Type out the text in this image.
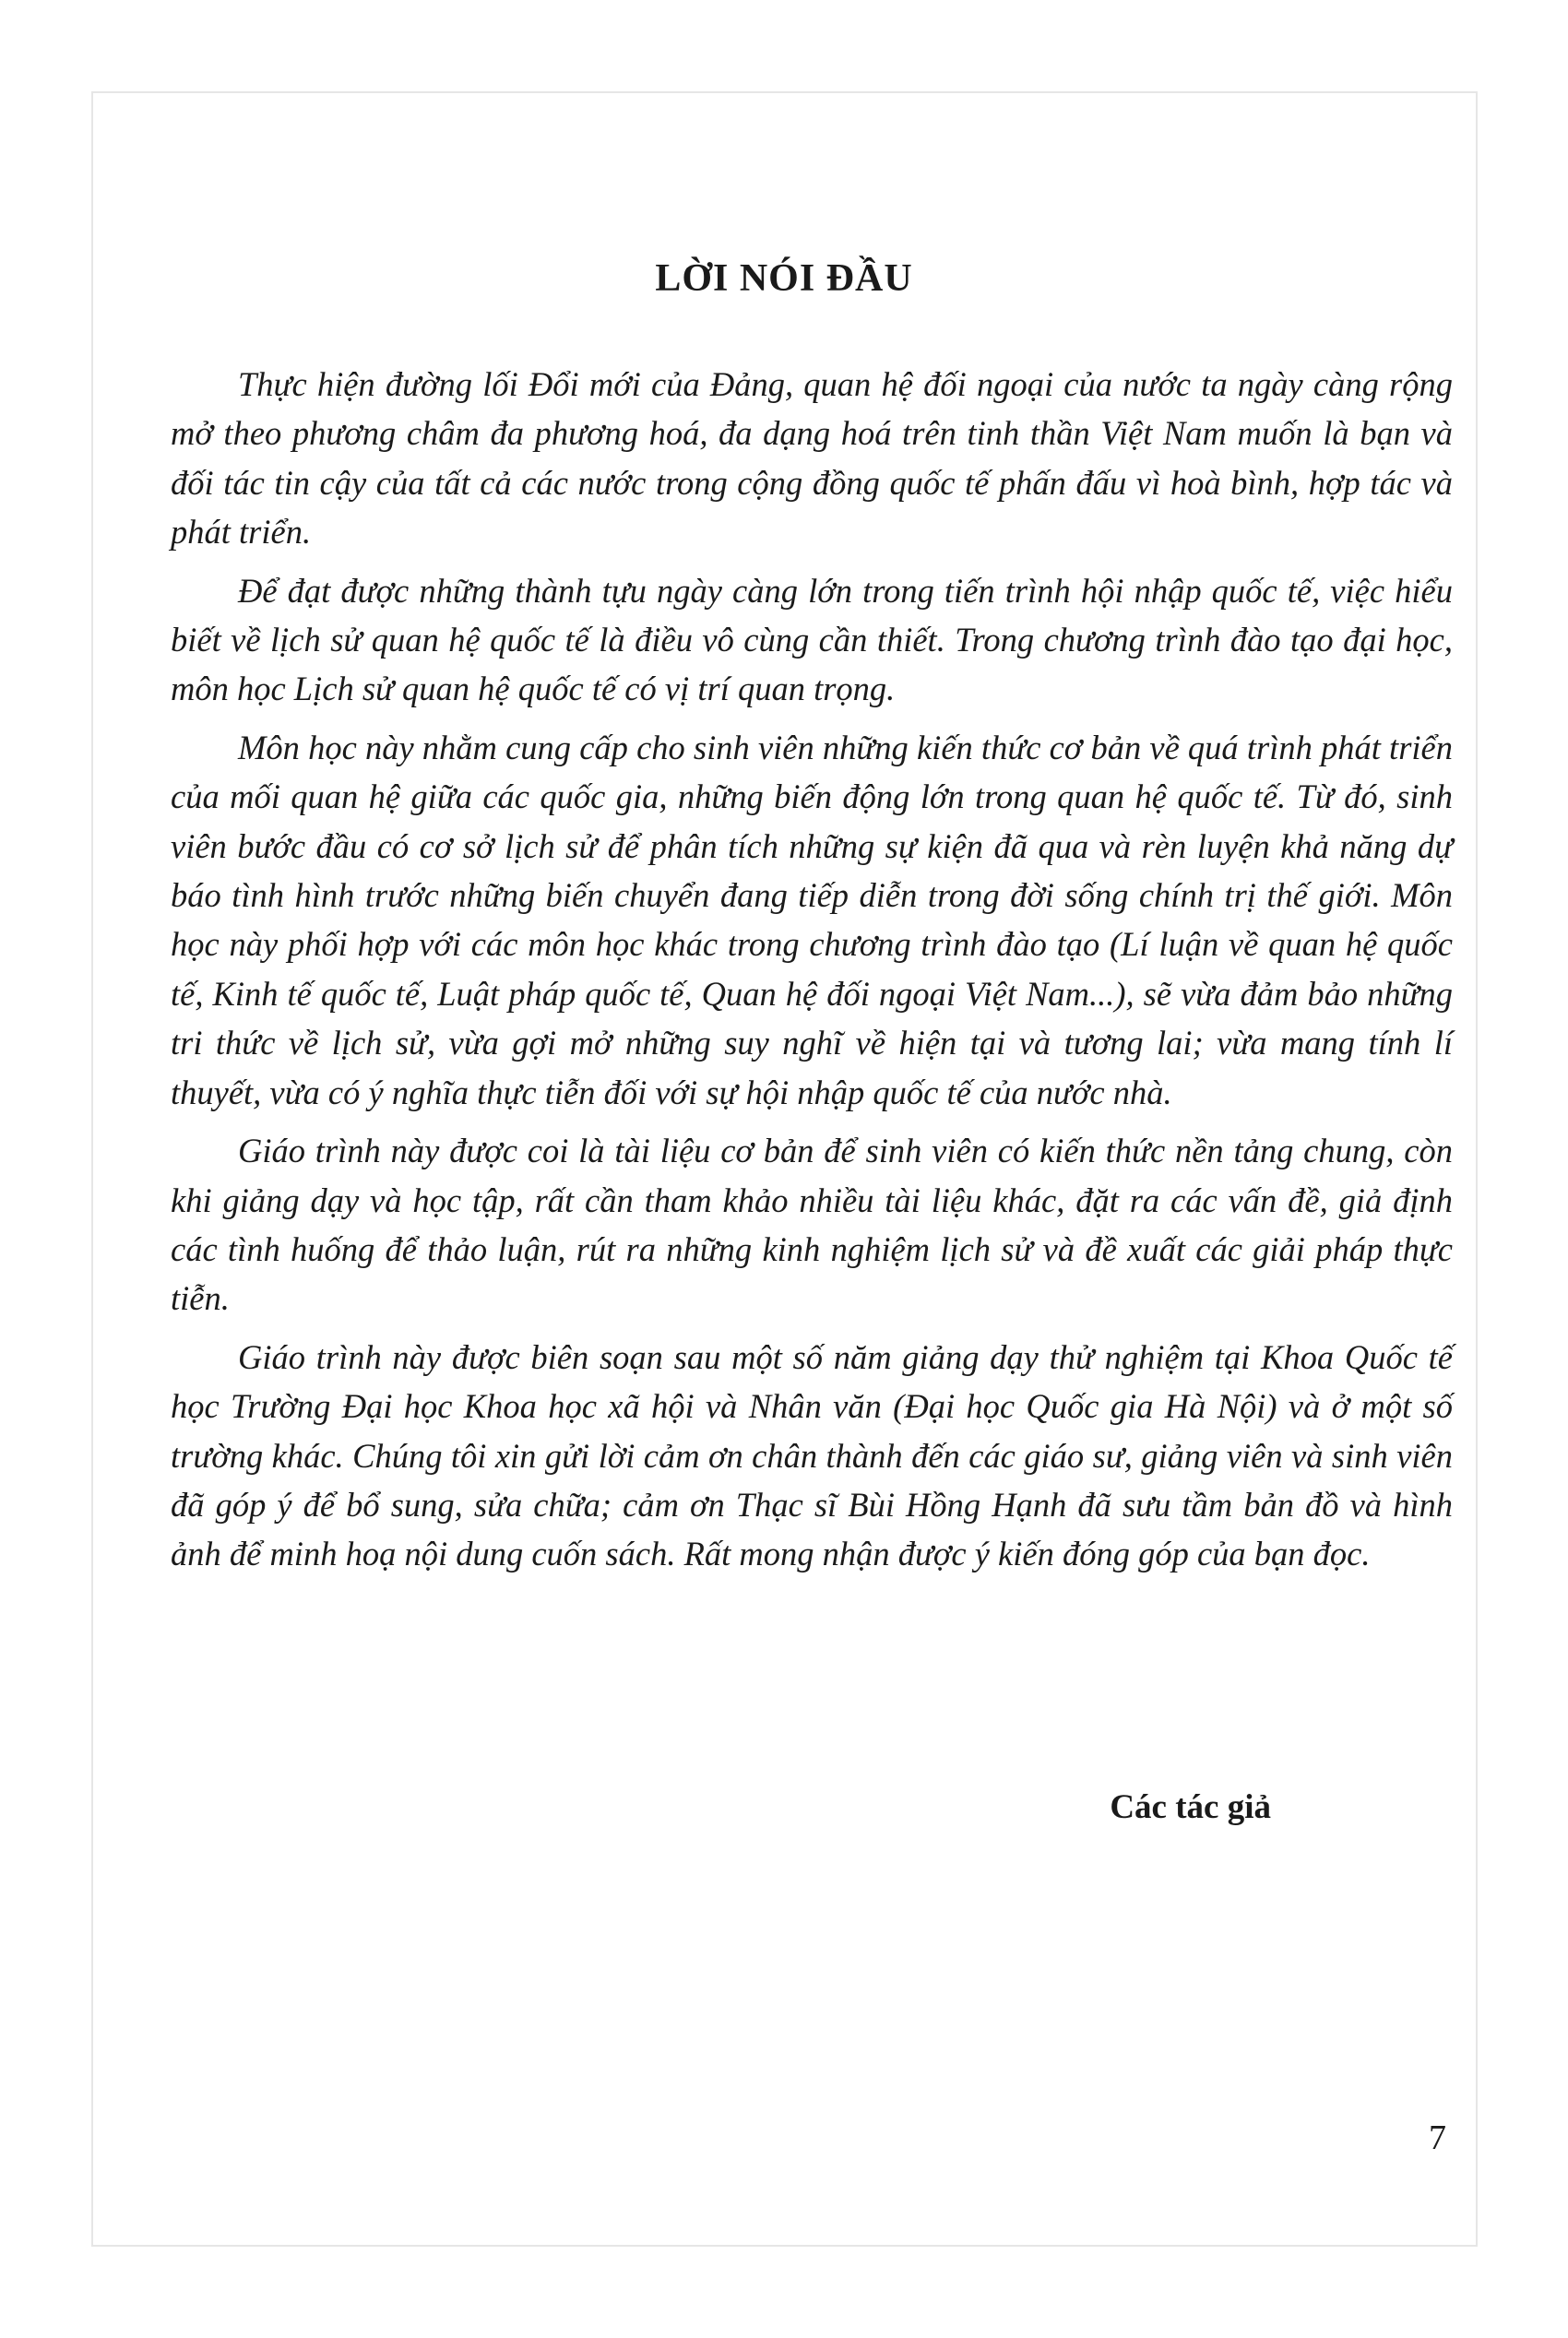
LỜI NÓI ĐẦU

Thực hiện đường lối Đổi mới của Đảng, quan hệ đối ngoại của nước ta ngày càng rộng mở theo phương châm đa phương hoá, đa dạng hoá trên tinh thần Việt Nam muốn là bạn và đối tác tin cậy của tất cả các nước trong cộng đồng quốc tế phấn đấu vì hoà bình, hợp tác và phát triển.

Để đạt được những thành tựu ngày càng lớn trong tiến trình hội nhập quốc tế, việc hiểu biết về lịch sử quan hệ quốc tế là điều vô cùng cần thiết. Trong chương trình đào tạo đại học, môn học Lịch sử quan hệ quốc tế có vị trí quan trọng.

Môn học này nhằm cung cấp cho sinh viên những kiến thức cơ bản về quá trình phát triển của mối quan hệ giữa các quốc gia, những biến động lớn trong quan hệ quốc tế. Từ đó, sinh viên bước đầu có cơ sở lịch sử để phân tích những sự kiện đã qua và rèn luyện khả năng dự báo tình hình trước những biến chuyển đang tiếp diễn trong đời sống chính trị thế giới. Môn học này phối hợp với các môn học khác trong chương trình đào tạo (Lí luận về quan hệ quốc tế, Kinh tế quốc tế, Luật pháp quốc tế, Quan hệ đối ngoại Việt Nam...), sẽ vừa đảm bảo những tri thức về lịch sử, vừa gợi mở những suy nghĩ về hiện tại và tương lai; vừa mang tính lí thuyết, vừa có ý nghĩa thực tiễn đối với sự hội nhập quốc tế của nước nhà.

Giáo trình này được coi là tài liệu cơ bản để sinh viên có kiến thức nền tảng chung, còn khi giảng dạy và học tập, rất cần tham khảo nhiều tài liệu khác, đặt ra các vấn đề, giả định các tình huống để thảo luận, rút ra những kinh nghiệm lịch sử và đề xuất các giải pháp thực tiễn.

Giáo trình này được biên soạn sau một số năm giảng dạy thử nghiệm tại Khoa Quốc tế học Trường Đại học Khoa học xã hội và Nhân văn (Đại học Quốc gia Hà Nội) và ở một số trường khác. Chúng tôi xin gửi lời cảm ơn chân thành đến các giáo sư, giảng viên và sinh viên đã góp ý để bổ sung, sửa chữa; cảm ơn Thạc sĩ Bùi Hồng Hạnh đã sưu tầm bản đồ và hình ảnh để minh hoạ nội dung cuốn sách. Rất mong nhận được ý kiến đóng góp của bạn đọc.

Các tác giả

7
